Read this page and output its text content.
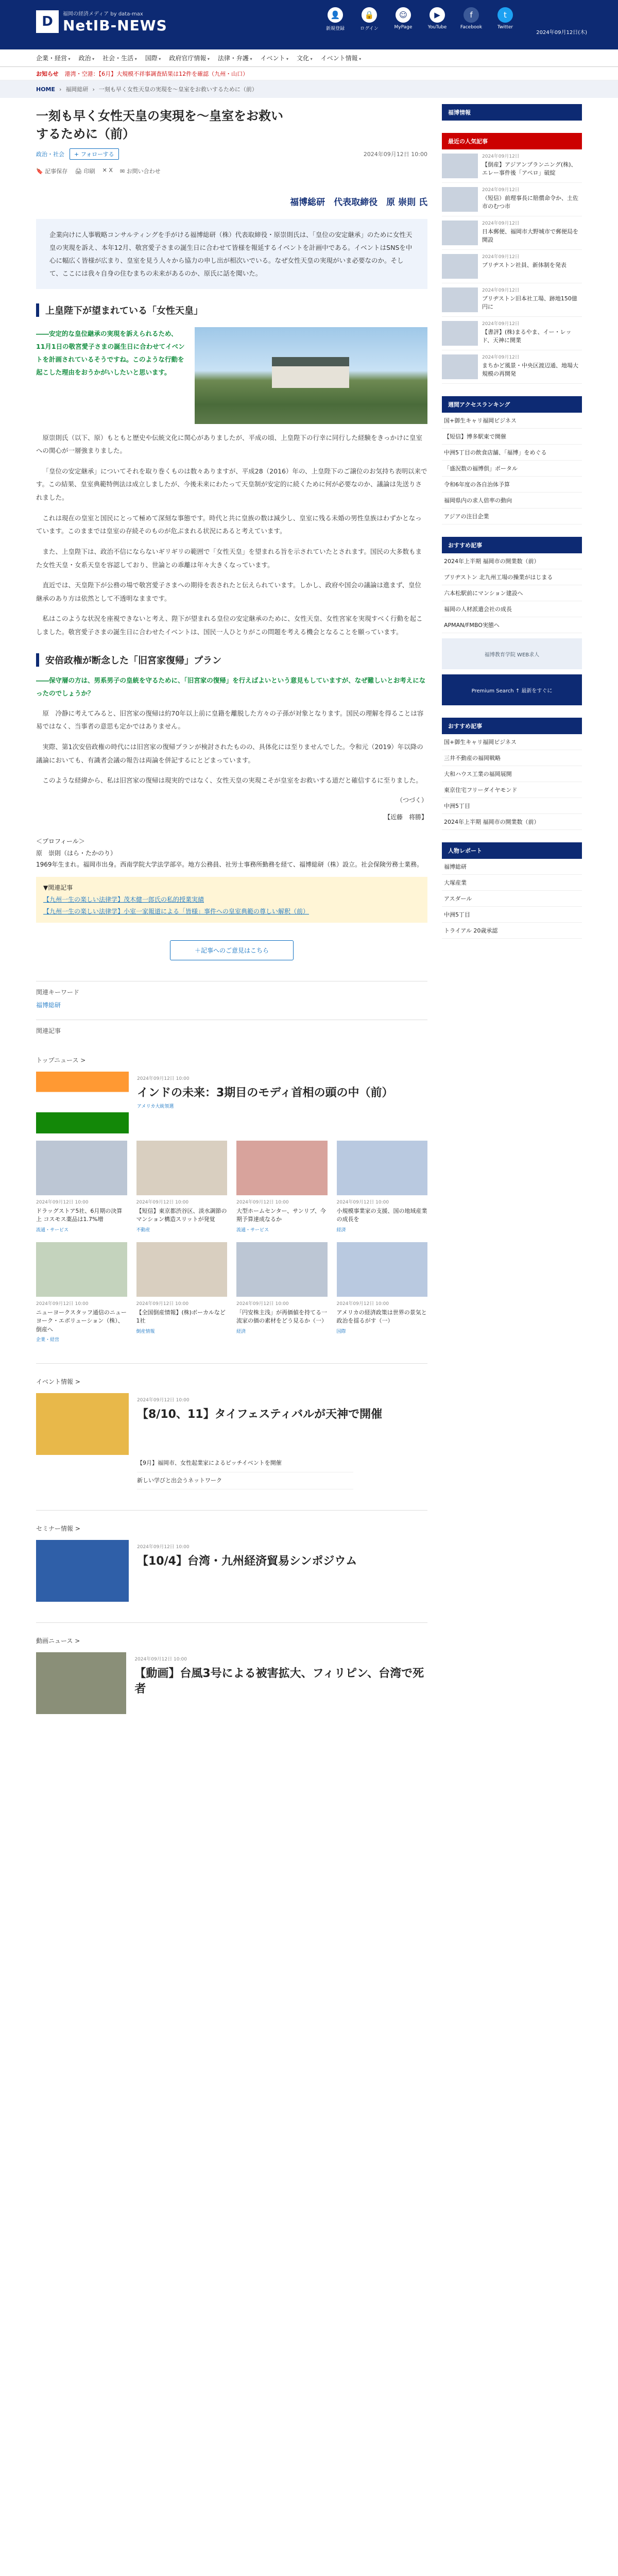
D	福岡の経済メディア by data-max
NetIB-NEWS
👤
新規登録
🔒
ログイン
☺
MyPage
▶
YouTube
f
Facebook
t
Twitter
2024年09月12日(木)
企業・経営 ▾	政治 ▾	社会・生活 ▾	国際 ▾	政府官庁情報 ▾	法律・弁護 ▾	イベント ▾	文化 ▾	イベント情報 ▾
お知らせ 港湾・空港：【6月】大規模不祥事調査結果は12件を確認（九州・山口）
HOME › 福岡総研 › 一刻も早く女性天皇の実現を～皇室をお救いするために（前）
一刻も早く女性天皇の実現を～皇室をお救いするために（前）
政治・社会	+ フォローする	2024年09月12日 10:00
🔖 記事保存 🖨 印刷 ✕ X ✉ お問い合わせ
福博総研　代表取締役　原 崇則 氏
企業向けに人事戦略コンサルティングを手がける福博総研（株）代表取締役・原崇則氏は、「皇位の安定継承」のために女性天皇の実現を訴え、本年12月、敬宮愛子さまの誕生日に合わせて皆様を報延するイベントを計画中である。イベントはSNSを中心に幅広く皆様が広まり、皇室を見う人々から協力の申し出が相次いでいる。なぜ女性天皇の実現がいま必要なのか。そして、ここには我々自身の住むまちの未来があるのか、原氏に話を聞いた。
上皇陛下が望まれている「女性天皇」
――安定的な皇位継承の実現を訴えられるため、11月1日の敬宮愛子さまの誕生日に合わせてイベントを計画されているそうですね。このような行動を起こした理由をおうかがいしたいと思います。

原崇則氏（以下、原）もともと歴史や伝統文化に関心がありましたが、平成の頃、上皇陛下の行幸に同行した経験をきっかけに皇室への関心が一層強まりました。

「皇位の安定継承」についてそれを取り巻くものは数々ありますが、平成28（2016）年の、上皇陛下のご譲位のお気持ち表明以来です。この結果、皇室典範特例法は成立しましたが、今後未来にわたって天皇制が安定的に続くために何が必要なのか、議論は先送りされました。

これは現在の皇室と国民にとって極めて深刻な事態です。時代と共に皇族の数は減少し、皇室に残る未婚の男性皇族はわずかとなっています。このままでは皇室の存続そのものが危ぶまれる状況にあると考えています。

また、上皇陛下は、政治不信にならないギリギリの範囲で「女性天皇」を望まれる旨を示されていたとされます。国民の大多数もまた女性天皇・女系天皇を容認しており、世論との乖離は年々大きくなっています。

直近では、天皇陛下が公務の場で敬宮愛子さまへの期待を表されたと伝えられています。しかし、政府や国会の議論は進まず、皇位継承のあり方は依然として不透明なままです。

私はこのような状況を座視できないと考え、陛下が望まれる皇位の安定継承のために、女性天皇、女性宮家を実現すべく行動を起こしました。敬宮愛子さまの誕生日に合わせたイベントは、国民一人ひとりがこの問題を考える機会となることを願っています。

安倍政権が断念した「旧宮家復帰」プラン
――保守層の方は、男系男子の皇統を守るために、「旧宮家の復帰」を行えばよいという意見もしていますが、なぜ難しいとお考えになったのでしょうか？

原　冷静に考えてみると、旧宮家の復帰は約70年以上前に皇籍を離脱した方々の子孫が対象となります。国民の理解を得ることは容易ではなく、当事者の意思も定かではありません。

実際、第1次安倍政権の時代には旧宮家の復帰プランが検討されたものの、具体化には至りませんでした。令和元（2019）年以降の議論においても、有識者会議の報告は両論を併記するにとどまっています。

このような経緯から、私は旧宮家の復帰は現実的ではなく、女性天皇の実現こそが皇室をお救いする道だと確信するに至りました。

（つづく）
【近藤　将勝】
＜プロフィール＞
原　崇則（はら・たかのり）
1969年生まれ。福岡市出身。西南学院大学法学部卒。地方公務員、社労士事務所勤務を経て、福博総研（株）設立。社会保険労務士業務。
▼関連記事
【九州一生の楽しい法律学】茂木健一郎氏の私的授業実績
【九州一生の楽しい法律学】小室一家報道による「皆様」事件への皇室典範の尊しい解釈（前）
＋記事へのご意見はこちら
関連キーワード
福博総研
関連記事
トップニュース >
2024年09月12日 10:00
インドの未来：3期目のモディ首相の頭の中（前）
アメリカ大統領選
2024年09月12日 10:00
ドラッグストア5社、6月期の決算上 コスモス薬品は1.7%増
流通・サービス
2024年09月12日 10:00
【短信】東京都渋谷区、淡水調節のマンション構造スリットが発覚
不動産
2024年09月12日 10:00
大型ホームセンター、サンリブ、今期予算達成なるか
流通・サービス
2024年09月12日 10:00
小規模事業家の支援、国の地域産業の成長を
経済
2024年09月12日 10:00
ニューヨークスタッフ通信のニューヨーク・エボリューション（株）、倒産へ
企業・経営
2024年09月12日 10:00
【全国倒産情報】(株)ボーカルなど1社
倒産情報
2024年09月12日 10:00
「円安株主浅」が再価値を持てる一流家の価の素材をどう見るか（一）
経済
2024年09月12日 10:00
アメリカの経済政策は世界の景気と政治を揺るがす（一）
国際
イベント情報 >
2024年09月12日 10:00
【8/10、11】タイフェスティバルが天神で開催
【9月】福岡市、女性起業家によるピッチイベントを開催
新しい学びと出会うネットワーク
セミナー情報 >
2024年09月12日 10:00
【10/4】台湾・九州経済貿易シンポジウム
動画ニュース >
2024年09月12日 10:00
【動画】台風3号による被害拡大、フィリピン、台湾で死者
福博情報
最近の人気記事
2024年09月12日
【倒産】アジアンプランニング(株)、エレー事件後「アペロ」破綻
2024年09月12日
（短信）前理事長に賠償命令か、土佐市のむつ市
2024年09月12日
日本郵便、福岡市大野城市で郵便局を開設
2024年09月12日
ブリヂストン社員、新体制を発表
2024年09月12日
ブリヂストン旧本社工場、跡地150億円に
2024年09月12日
【書評】(株)まるやま、イー・レッド、天神に開業
2024年09月12日
まちかど風景・中央区渡辺通、地場大規模の再開発
週間アクセスランキング
国+御生キャリ福岡ビジネス
【短信】博多駅東で開催
中洲5丁目の飲食店舗、「福博」をめぐる
「盛況数の福博倶」ポータル
令和6年度の各自治体予算
福岡県内の求人倍率の動向
アジアの注目企業
おすすめ記事
2024年上半期 福岡市の開業数（前）
ブリヂストン 北九州工場の操業がはじまる
六本松駅前にマンション建設へ
福岡の人材派遣会社の成長
APMAN/FMBO実態へ
福博教育学院 WEB求人
Premium Search ↑ 最新をすぐに
おすすめ記事
国+御生キャリ福岡ビジネス
三井不動産の福岡戦略
大和ハウス工業の福岡展開
東京住宅フリーダイヤモンド
中洲5丁目
2024年上半期 福岡市の開業数（前）
人物レポート
福博総研
大塚産業
アスダール
中洲5丁目
トライアル 20歳承認
